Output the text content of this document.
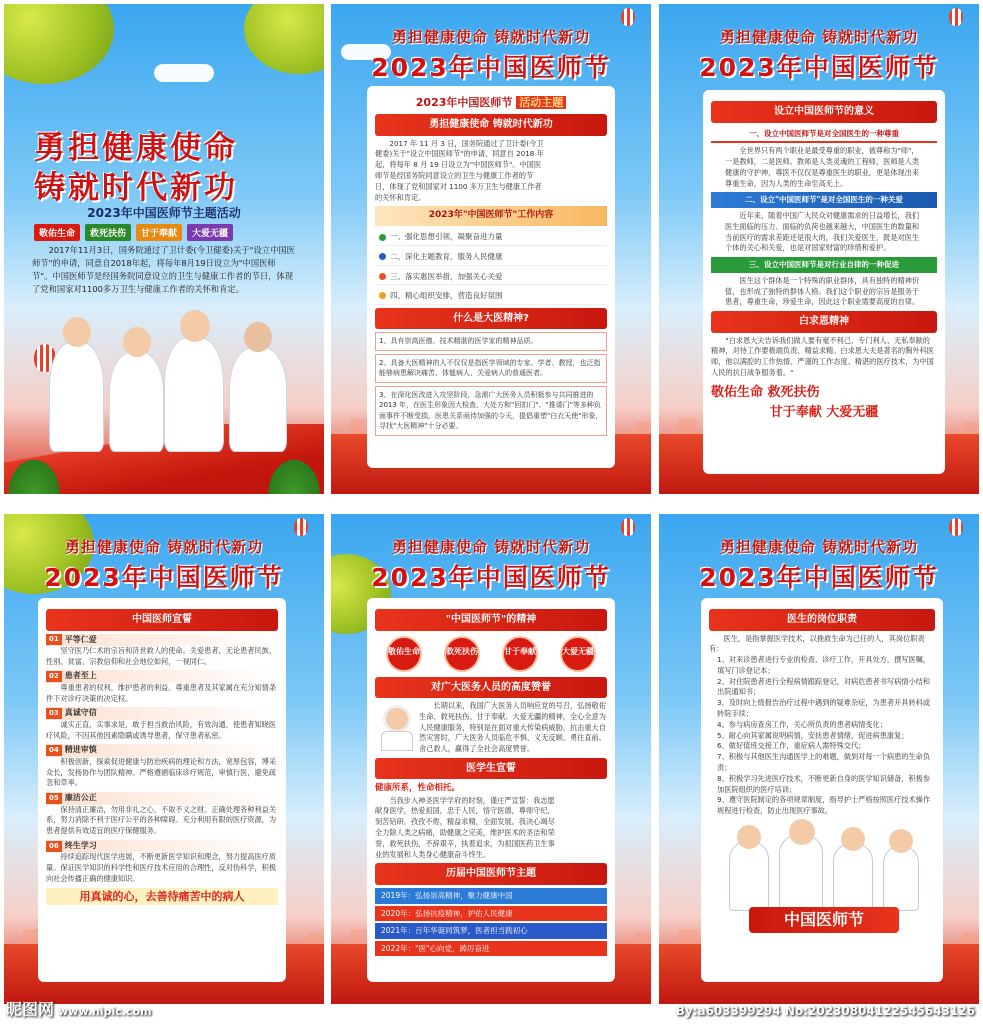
勇担健康使命
铸就时代新功
2023年中国医师节主题活动
敬佑生命	救死扶伤	甘于奉献	大爱无疆
2017年11月3日，国务院通过了卫计委(今卫健委)关于"设立中国医师节"的申请，同意自2018年起，将每年8月19日设立为"中国医师节"。中国医师节是经国务院同意设立的卫生与健康工作者的节日，体现了党和国家对1100多万卫生与健康工作者的关怀和肯定。
勇担健康使命 铸就时代新功
2023年中国医师节
2023年中国医师节 活动主题
勇担健康使命 铸就时代新功
2017 年 11 月 3 日，国务院通过了卫计委(今卫健委)关于"设立中国医师节"的申请，同意自 2018 年起，将每年 8 月 19 日设立为"中国医师节"。中国医师节是经国务院同意设立的卫生与健康工作者的节日，体现了党和国家对 1100 多万卫生与健康工作者的关怀和肯定。
2023年"中国医师节"工作内容
一、强化思想引领，凝聚奋进力量
二、深化主题教育，服务人民健康
三、落实惠医举措，加强关心关爱
四、精心组织安排，营造良好氛围
什么是大医精神?
1、具有崇高医德、技术精湛的医学家的精神品质。
2、具备大医精神的人不仅仅是指医学领域的专家、学者、教授，也泛指能够病患解决痛苦、体恤病人、关爱病人的普通医者。
3、在深化医改进入攻坚阶段，急需广大医务人员积极参与共同推进的 2013 年，在医生形象因大检查、大处方和"回扣门"、"推诿门"等多种负面事件不断受损，医患关系亟待加强的今天，提倡重塑"白衣天使"形象，寻找"大医精神"十分必要。
勇担健康使命 铸就时代新功
2023年中国医师节
设立中国医师节的意义
一、设立中国医师节是对全国医生的一种尊重
全世界只有两个职业是最受尊重的职业，被尊称为"师"，一是教师，二是医师。教师是人类灵魂的工程师，医师是人类健康的守护神，尊医不仅仅是尊重医生的职业，更是体现出来尊重生命，因为人类的生命至高无上。
二、设立"中国医师节"是对全国医生的一种关爱
近年来，随着中国广大民众对健康需求的日益增长，我们医生面临的压力、面临的负荷也越来越大，中国医生的数量和当前医疗的需求差距还是很大的，我们关爱医生，既是对医生个体的关心和关爱，也是对国家财富的珍惜和爱护。
三、设立中国医师节是对行业自律的一种促进
医生这个群体是一个特殊的职业群体，具有独特的精神价值，也形成了独特的群体人格。我们这个职业的宗旨是服务于患者，尊重生命，珍爱生命，因此这个职业需要高度的自律。
白求恩精神
"白求恩大夫告诉我们做人要有毫不利己、专门利人、无私奉献的精神，对待工作要极端负责、精益求精。白求恩大夫是著名的胸外科医师，他以满腔的工作热情、严谨的工作态度、精湛的医疗技术，为中国人民的抗日战争服务着。"
敬佑生命 救死扶伤
甘于奉献 大爱无疆
勇担健康使命 铸就时代新功
2023年中国医师节
中国医师宣誓
01 平等仁爱
坚守医乃仁术的宗旨和济世救人的使命。关爱患者，无论患者民族、性别、贫富、宗教信仰和社会地位如何，一视同仁。
02 患者至上
尊重患者的权利，维护患者的利益。尊重患者及其家属在充分知情条件下对诊疗决策的决定权。
03 真诚守信
诚实正直，实事求是，敢于担当救治风险，有效沟通，使患者知晓医疗风险，不因其他因素隐瞒或诱导患者，保守患者私密。
04 精进审慎
积极创新，探索促进健康与防治疾病的理论和方法，宽厚包容，博采众长，发扬协作与团队精神。严格遵循临床诊疗规范，审慎行医，避免疏忽和草率。
05 廉洁公正
保持清正廉洁，勿用非礼之心，不取不义之财。正确处理各种利益关系，努力消除不利于医疗公平的各种障碍。充分利用有限的医疗资源，为患者提供有效适宜的医疗保健服务。
06 终生学习
持续追踪现代医学进展，不断更新医学知识和理念，努力提高医疗质量。保证医学知识的科学性和医疗技术应用的合理性，反对伪科学，积极向社会传播正确的健康知识。
用真诚的心，去善待痛苦中的病人
勇担健康使命 铸就时代新功
2023年中国医师节
"中国医师节"的精神
敬佑生命	救死扶伤	甘于奉献	大爱无疆
对广大医务人员的高度赞誉
长期以来，我国广大医务人员响应党的号召，弘扬敬佑生命、救死扶伤、甘于奉献、大爱无疆的精神，全心全意为人民健康服务，特别是在面对重大传染病威胁、抗击重大自然灾害时，广大医务人员临危不惧、义无反顾、勇往直前、舍己救人，赢得了全社会高度赞誉。
医学生宣誓
健康所系，性命相托。
当我步入神圣医学学府的时刻，谨庄严宣誓：我志愿献身医学，热爱祖国，忠于人民，恪守医德，尊师守纪，刻苦钻研，孜孜不倦，精益求精，全面发展。我决心竭尽全力除人类之病痛，助健康之完美，维护医术的圣洁和荣誉，救死扶伤，不辞艰辛，执着追求，为祖国医药卫生事业的发展和人类身心健康奋斗终生。
历届中国医师节主题
2019年：弘扬崇高精神，聚力健康中国
2020年：弘扬抗疫精神，护佑人民健康
2021年：百年华诞同筑梦，医者担当践初心
2022年："医"心向党，踔厉奋进
勇担健康使命 铸就时代新功
2023年中国医师节
医生的岗位职责
医生，是指掌握医学技术，以挽救生命为己任的人，其岗位职责有：
1、对来诊患者进行专业的检查、诊疗工作，开具处方，撰写医嘱，填写门诊登记本；
2、对住院患者进行全程病情跟踪登记，对病危患者书写病情小结和出院通知书；
3、及时向上级报告治疗过程中遇到的疑难杂症，为患者开具转科或转院手续；
4、参与病房查房工作，关心所负责的患者病情变化；
5、耐心向其家属说明病情，安抚患者情绪，促进病患康复；
6、做好值班交接工作，重症病人需特殊交代；
7、积极与其他医生沟通医学上的难题，做到对每一个病患的生命负责；
8、积极学习先进医疗技术，不断更新自身的医学知识储备，积极参加医院组织的医疗培训；
9、遵守医院制定的各项规章制度，指导护士严格按照医疗技术操作规程进行检查，防止出现医疗事故。
中国医师节
昵图网 www.nipic.com	By:a603399294 No:20230804122545643126
